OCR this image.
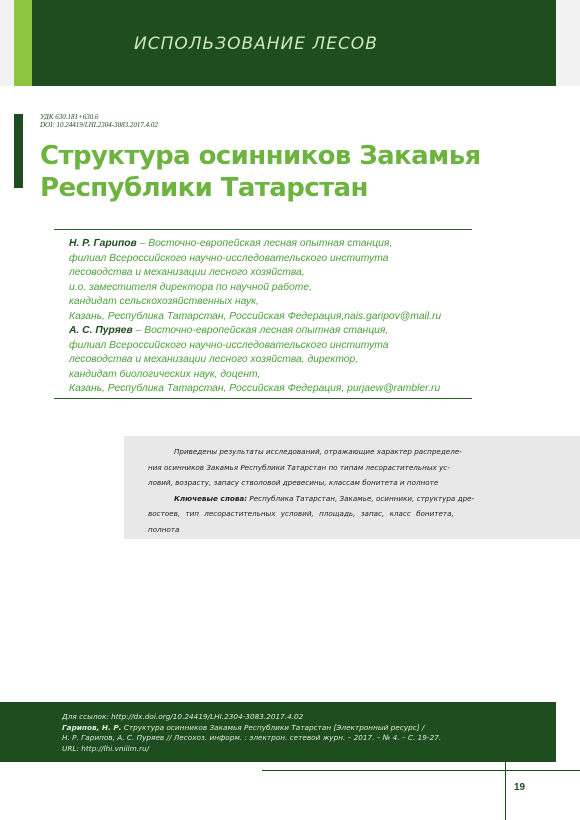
ИСПОЛЬЗОВАНИЕ ЛЕСОВ
УДК 630.181+630.6
DOI: 10.24419/LHI.2304-3083.2017.4.02
Структура осинников Закамья
Республики Татарстан
Н. Р. Гарипов – Восточно-европейская лесная опытная станция,
филиал Всероссийского научно-исследовательского института
лесоводства и механизации лесного хозяйства,
и.о. заместителя директора по научной работе,
кандидат сельскохозяйственных наук,
Казань, Республика Татарстан, Российская Федерация,nais.garipov@mail.ru
А. С. Пуряев – Восточно-европейская лесная опытная станция,
филиал Всероссийского научно-исследовательского института
лесоводства и механизации лесного хозяйства, директор,
кандидат биологических наук, доцент,
Казань, Республика Татарстан, Российская Федерация, purjaew@rambler.ru
Приведены результаты исследований, отражающие характер распределе-
ния осинников Закамья Республики Татарстан по типам лесорастительных ус-
ловий, возрасту, запасу стволовой древесины, классам бонитета и полноте
Ключевые слова: Республика Татарстан, Закамье, осинники, структура дре-
востоев, тип лесорастительных условий, площадь, запас, класс бонитета,
полнота
Для ссылок: http://dx.doi.org/10.24419/LHI.2304-3083.2017.4.02
Гарипов, Н. Р. Структура осинников Закамья Республики Татарстан [Электронный ресурс] /
Н. Р. Гарипов, А. С. Пуряев // Лесохоз. информ. : электрон. сетевой журн. – 2017. – № 4. – С. 19-27.
URL: http://lhi.vniilm.ru/
19
